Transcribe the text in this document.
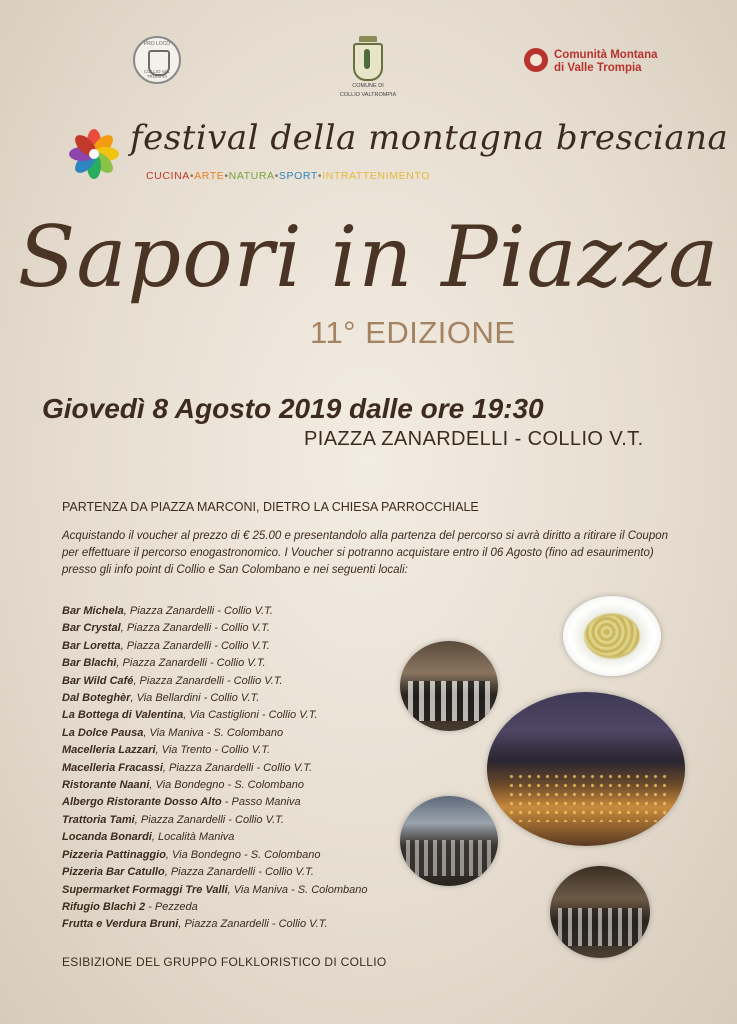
PRO LOCO
COLLIO VAL TROMPIA
COMUNE DI
COLLIO VALTROMPIA
Comunità Montana
di Valle Trompia
festival della montagna bresciana
CUCINA•ARTE•NATURA•SPORT•INTRATTENIMENTO
Sapori in Piazza
11° EDIZIONE
Giovedì 8 Agosto 2019 dalle ore 19:30
PIAZZA ZANARDELLI - COLLIO V.T.
PARTENZA DA PIAZZA MARCONI, DIETRO LA CHIESA PARROCCHIALE
Acquistando il voucher al prezzo di € 25.00 e presentandolo alla partenza del percorso si avrà diritto a ritirare il Coupon per effettuare il percorso enogastronomico. I Voucher si potranno acquistare entro il 06 Agosto (fino ad esaurimento) presso gli info point di Collio e San Colombano e nei seguenti locali:
Bar Michela, Piazza Zanardelli - Collio V.T.
Bar Crystal, Piazza Zanardelli - Collio V.T.
Bar Loretta, Piazza Zanardelli - Collio V.T.
Bar Blachì, Piazza Zanardelli - Collio V.T.
Bar Wild Café, Piazza Zanardelli - Collio V.T.
Dal Boteghèr, Via Bellardini - Collio V.T.
La Bottega di Valentina, Via Castiglioni - Collio V.T.
La Dolce Pausa, Via Maniva - S. Colombano
Macelleria Lazzari, Via Trento - Collio V.T.
Macelleria Fracassi, Piazza Zanardelli - Collio V.T.
Ristorante Naani, Via Bondegno - S. Colombano
Albergo Ristorante Dosso Alto - Passo Maniva
Trattoria Tami, Piazza Zanardelli - Collio V.T.
Locanda Bonardi, Località Maniva
Pizzeria Pattinaggio, Via Bondegno - S. Colombano
Pizzeria Bar Catullo, Piazza Zanardelli - Collio V.T.
Supermarket Formaggi Tre Valli, Via Maniva - S. Colombano
Rifugio Blachì 2 - Pezzeda
Frutta e Verdura Bruni, Piazza Zanardelli - Collio V.T.
ESIBIZIONE DEL GRUPPO FOLKLORISTICO DI COLLIO
